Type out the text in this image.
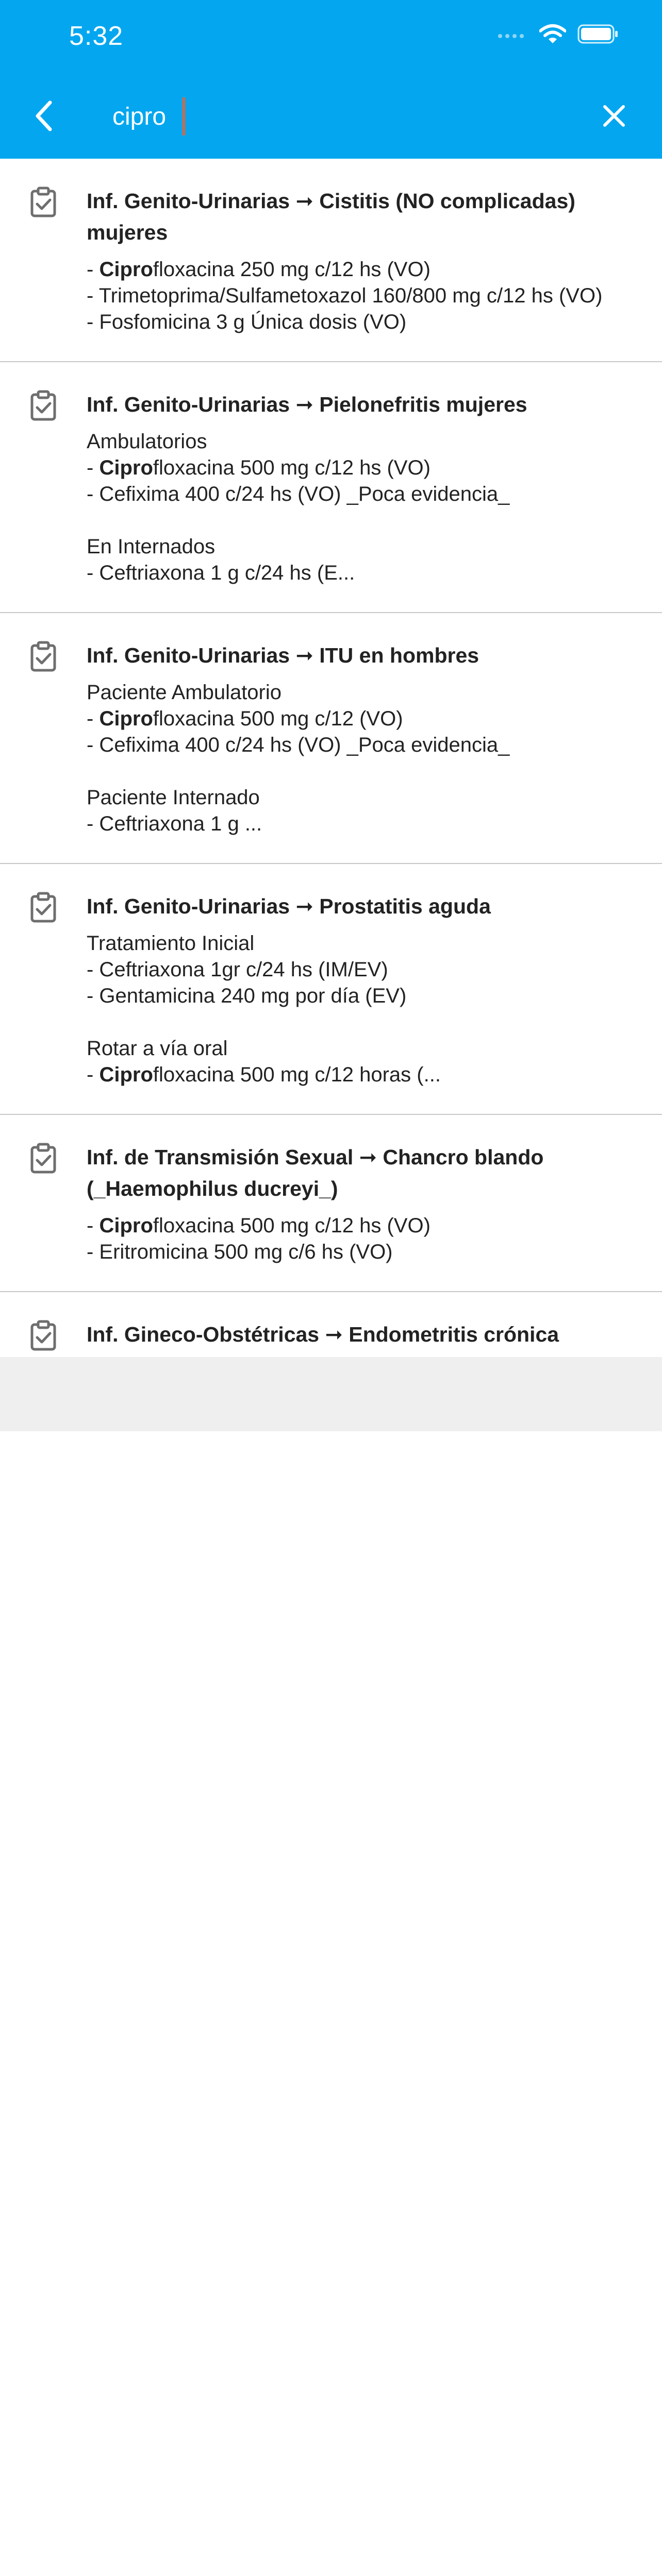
5:32
cipro
Inf. Genito-Urinarias ➞ Cistitis (NO complicadas) mujeres

- Ciprofloxacina 250 mg c/12 hs (VO)

- Trimetoprima/Sulfametoxazol 160/800 mg c/12 hs (VO)

- Fosfomicina 3 g Única dosis (VO)

Inf. Genito-Urinarias ➞ Pielonefritis mujeres

Ambulatorios

- Ciprofloxacina 500 mg c/12 hs (VO)

- Cefixima 400 c/24 hs (VO) _Poca evidencia_

En Internados

- Ceftriaxona 1 g c/24 hs (E...

Inf. Genito-Urinarias ➞ ITU en hombres

Paciente Ambulatorio

- Ciprofloxacina 500 mg c/12 (VO)

- Cefixima 400 c/24 hs (VO) _Poca evidencia_

Paciente Internado

- Ceftriaxona 1 g ...

Inf. Genito-Urinarias ➞ Prostatitis aguda

Tratamiento Inicial

- Ceftriaxona 1gr c/24 hs (IM/EV)

- Gentamicina 240 mg por día (EV)

Rotar a vía oral

- Ciprofloxacina 500 mg c/12 horas (...

Inf. de Transmisión Sexual ➞ Chancro blando (_Haemophilus ducreyi_)

- Ciprofloxacina 500 mg c/12 hs (VO)

- Eritromicina 500 mg c/6 hs (VO)

Inf. Gineco-Obstétricas ➞ Endometritis crónica
